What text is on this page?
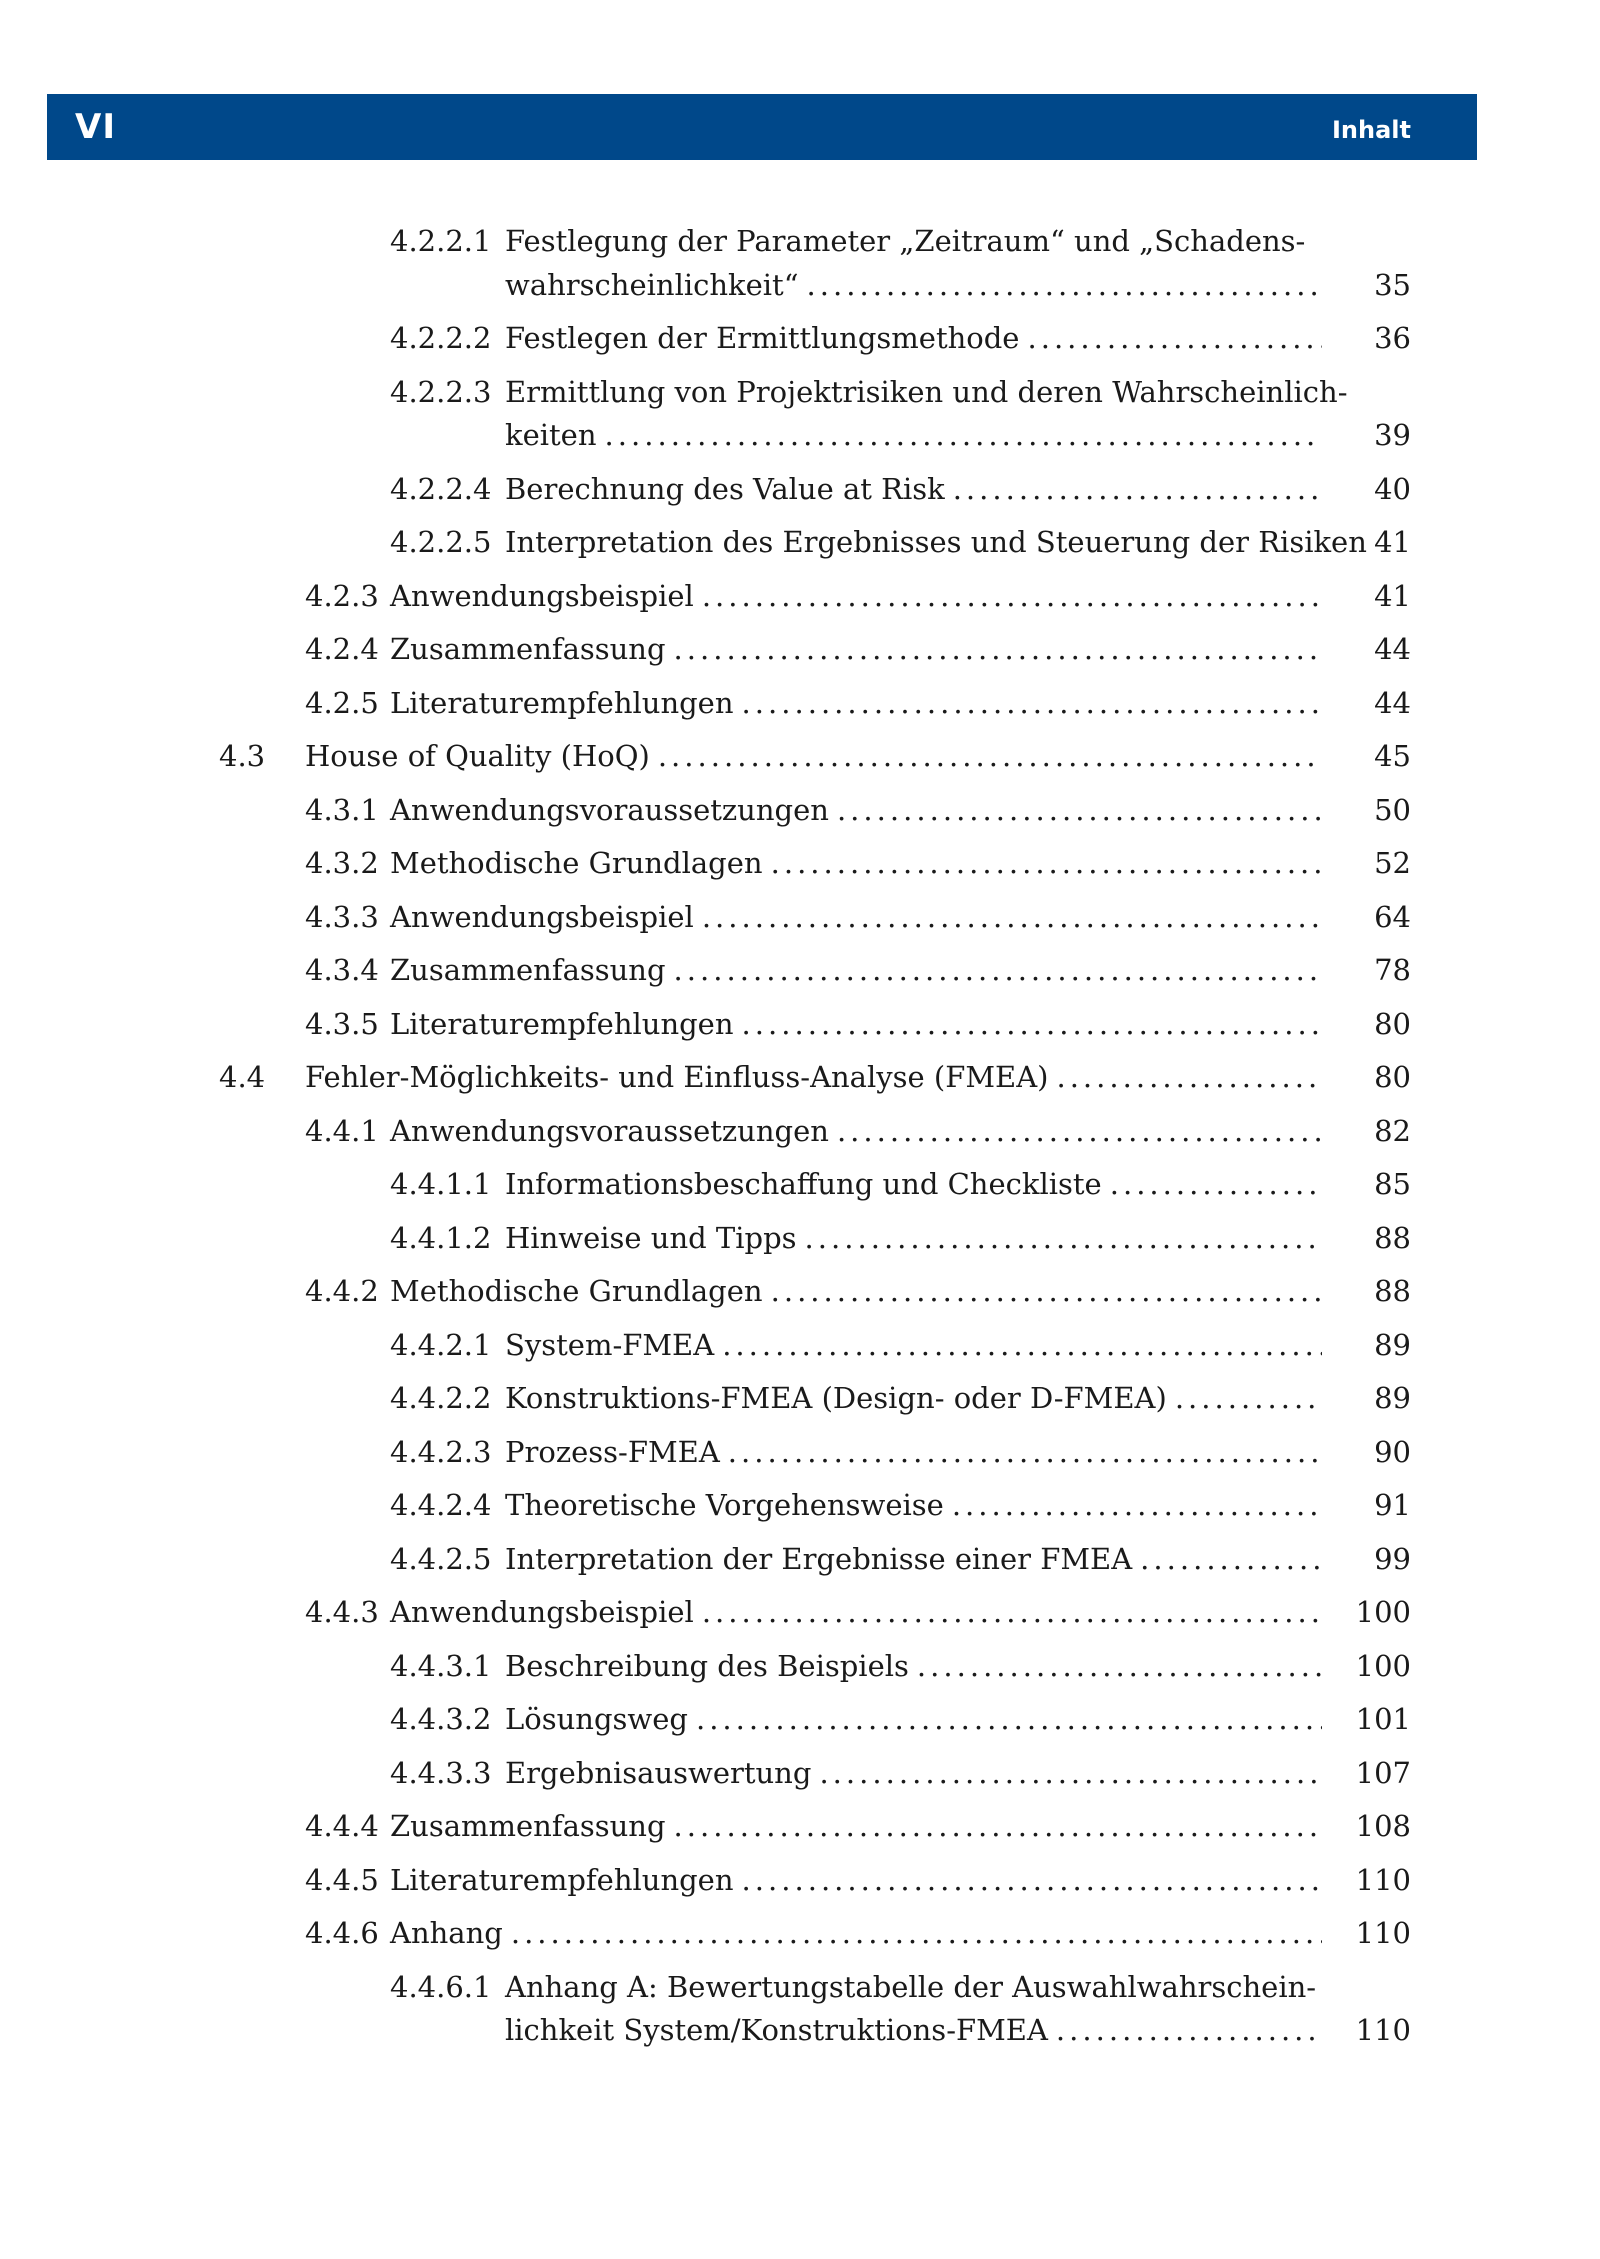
VI	Inhalt
4.2.2.1 Festlegung der Parameter „Zeitraum“ und „Schadens-
wahrscheinlichkeit“ . . .	35
4.2.2.2 Festlegen der Ermittlungsmethode . . .	36
4.2.2.3 Ermittlung von Projektrisiken und deren Wahrscheinlich-
keiten . . .	39
4.2.2.4 Berechnung des Value at Risk . . .	40
4.2.2.5 Interpretation des Ergebnisses und Steuerung der Risiken 41
4.2.3 Anwendungsbeispiel . . .	41
4.2.4 Zusammenfassung . . .	44
4.2.5 Literaturempfehlungen . . .	44
4.3 House of Quality (HoQ) . . .	45
4.3.1 Anwendungsvoraussetzungen . . .	50
4.3.2 Methodische Grundlagen . . .	52
4.3.3 Anwendungsbeispiel . . .	64
4.3.4 Zusammenfassung . . .	78
4.3.5 Literaturempfehlungen . . .	80
4.4 Fehler-Möglichkeits- und Einfluss-Analyse (FMEA) . . .	80
4.4.1 Anwendungsvoraussetzungen . . .	82
4.4.1.1 Informationsbeschaffung und Checkliste . . .	85
4.4.1.2 Hinweise und Tipps . . .	88
4.4.2 Methodische Grundlagen . . .	88
4.4.2.1 System-FMEA . . .	89
4.4.2.2 Konstruktions-FMEA (Design- oder D-FMEA) . . .	89
4.4.2.3 Prozess-FMEA . . .	90
4.4.2.4 Theoretische Vorgehensweise . . .	91
4.4.2.5 Interpretation der Ergebnisse einer FMEA . . .	99
4.4.3 Anwendungsbeispiel . . .	100
4.4.3.1 Beschreibung des Beispiels . . .	100
4.4.3.2 Lösungsweg . . .	101
4.4.3.3 Ergebnisauswertung . . .	107
4.4.4 Zusammenfassung . . .	108
4.4.5 Literaturempfehlungen . . .	110
4.4.6 Anhang . . .	110
4.4.6.1 Anhang A: Bewertungstabelle der Auswahlwahrschein-
lichkeit System/Konstruktions-FMEA . . .	110
